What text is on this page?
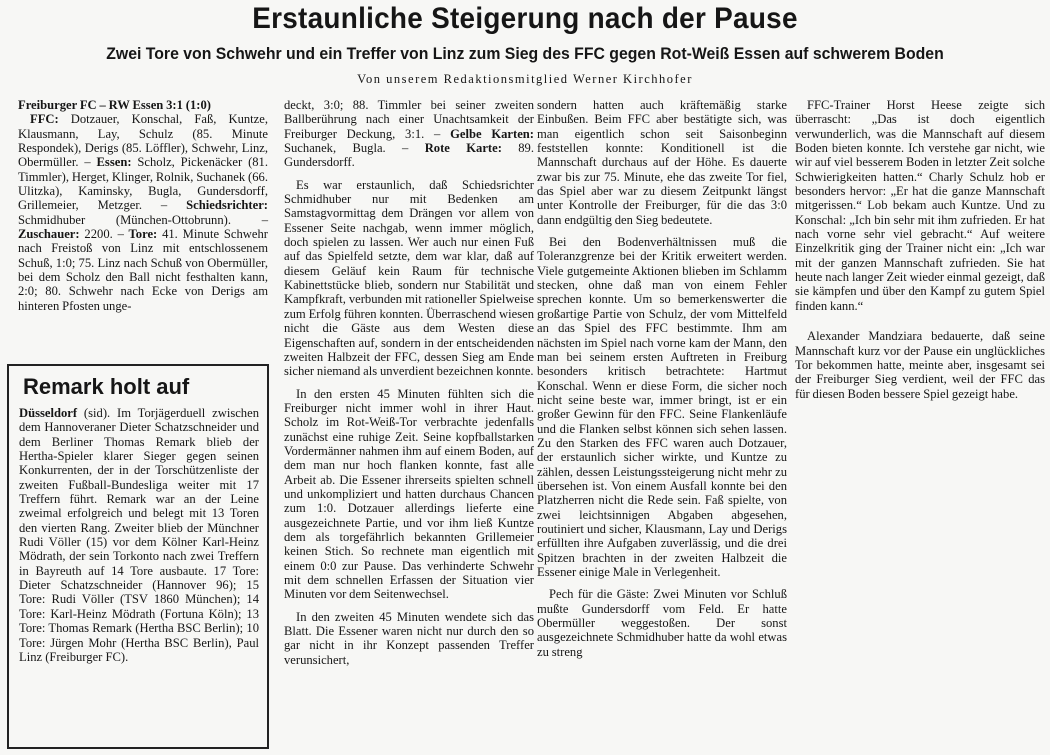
Erstaunliche Steigerung nach der Pause
Zwei Tore von Schwehr und ein Treffer von Linz zum Sieg des FFC gegen Rot-Weiß Essen auf schwerem Boden
Von unserem Redaktionsmitglied Werner Kirchhofer

Freiburger FC – RW Essen 3:1 (1:0)

FFC: Dotzauer, Konschal, Faß, Kuntze, Klausmann, Lay, Schulz (85. Minute Respondek), Derigs (85. Löffler), Schwehr, Linz, Obermüller. – Essen: Scholz, Pickenäcker (81. Timmler), Herget, Klinger, Rolnik, Suchanek (66. Ulitzka), Kaminsky, Bugla, Gundersdorff, Grillemeier, Metzger. – Schiedsrichter: Schmidhuber (München-Ottobrunn). – Zuschauer: 2200. – Tore: 41. Minute Schwehr nach Freistoß von Linz mit entschlossenem Schuß, 1:0; 75. Linz nach Schuß von Obermüller, bei dem Scholz den Ball nicht festhalten kann, 2:0; 80. Schwehr nach Ecke von Derigs am hinteren Pfosten unge-

Remark holt auf

Düsseldorf (sid). Im Torjägerduell zwischen dem Hannoveraner Dieter Schatzschneider und dem Berliner Thomas Remark blieb der Hertha-Spieler klarer Sieger gegen seinen Konkurrenten, der in der Torschützenliste der zweiten Fußball-Bundesliga weiter mit 17 Treffern führt. Remark war an der Leine zweimal erfolgreich und belegt mit 13 Toren den vierten Rang. Zweiter blieb der Münchner Rudi Völler (15) vor dem Kölner Karl-Heinz Mödrath, der sein Torkonto nach zwei Treffern in Bayreuth auf 14 Tore ausbaute. 17 Tore: Dieter Schatzschneider (Hannover 96); 15 Tore: Rudi Völler (TSV 1860 München); 14 Tore: Karl-Heinz Mödrath (Fortuna Köln); 13 Tore: Thomas Remark (Hertha BSC Berlin); 10 Tore: Jürgen Mohr (Hertha BSC Berlin), Paul Linz (Freiburger FC).

deckt, 3:0; 88. Timmler bei seiner zweiten Ballberührung nach einer Unachtsamkeit der Freiburger Deckung, 3:1. – Gelbe Karten: Suchanek, Bugla. – Rote Karte: 89. Gundersdorff.

Es war erstaunlich, daß Schiedsrichter Schmidhuber nur mit Bedenken am Samstagvormittag dem Drängen vor allem von Essener Seite nachgab, wenn immer möglich, doch spielen zu lassen. Wer auch nur einen Fuß auf das Spielfeld setzte, dem war klar, daß auf diesem Geläuf kein Raum für technische Kabinettstücke blieb, sondern nur Stabilität und Kampfkraft, verbunden mit rationeller Spielweise zum Erfolg führen konnten. Überraschend wiesen nicht die Gäste aus dem Westen diese Eigenschaften auf, sondern in der entscheidenden zweiten Halbzeit der FFC, dessen Sieg am Ende sicher niemand als unverdient bezeichnen konnte.

In den ersten 45 Minuten fühlten sich die Freiburger nicht immer wohl in ihrer Haut. Scholz im Rot-Weiß-Tor verbrachte jedenfalls zunächst eine ruhige Zeit. Seine kopfballstarken Vordermänner nahmen ihm auf einem Boden, auf dem man nur hoch flanken konnte, fast alle Arbeit ab. Die Essener ihrerseits spielten schnell und unkompliziert und hatten durchaus Chancen zum 1:0. Dotzauer allerdings lieferte eine ausgezeichnete Partie, und vor ihm ließ Kuntze dem als torgefährlich bekannten Grillemeier keinen Stich. So rechnete man eigentlich mit einem 0:0 zur Pause. Das verhinderte Schwehr mit dem schnellen Erfassen der Situation vier Minuten vor dem Seitenwechsel.

In den zweiten 45 Minuten wendete sich das Blatt. Die Essener waren nicht nur durch den so gar nicht in ihr Konzept passenden Treffer verunsichert,

sondern hatten auch kräftemäßig starke Einbußen. Beim FFC aber bestätigte sich, was man eigentlich schon seit Saisonbeginn feststellen konnte: Konditionell ist die Mannschaft durchaus auf der Höhe. Es dauerte zwar bis zur 75. Minute, ehe das zweite Tor fiel, das Spiel aber war zu diesem Zeitpunkt längst unter Kontrolle der Freiburger, für die das 3:0 dann endgültig den Sieg bedeutete.

Bei den Bodenverhältnissen muß die Toleranzgrenze bei der Kritik erweitert werden. Viele gutgemeinte Aktionen blieben im Schlamm stecken, ohne daß man von einem Fehler sprechen konnte. Um so bemerkenswerter die großartige Partie von Schulz, der vom Mittelfeld an das Spiel des FFC bestimmte. Ihm am nächsten im Spiel nach vorne kam der Mann, den man bei seinem ersten Auftreten in Freiburg besonders kritisch betrachtete: Hartmut Konschal. Wenn er diese Form, die sicher noch nicht seine beste war, immer bringt, ist er ein großer Gewinn für den FFC. Seine Flankenläufe und die Flanken selbst können sich sehen lassen. Zu den Starken des FFC waren auch Dotzauer, der erstaunlich sicher wirkte, und Kuntze zu zählen, dessen Leistungssteigerung nicht mehr zu übersehen ist. Von einem Ausfall konnte bei den Platzherren nicht die Rede sein. Faß spielte, von zwei leichtsinnigen Abgaben abgesehen, routiniert und sicher, Klausmann, Lay und Derigs erfüllten ihre Aufgaben zuverlässig, und die drei Spitzen brachten in der zweiten Halbzeit die Essener einige Male in Verlegenheit.

Pech für die Gäste: Zwei Minuten vor Schluß mußte Gundersdorff vom Feld. Er hatte Obermüller weggestoßen. Der sonst ausgezeichnete Schmidhuber hatte da wohl etwas zu streng

FFC-Trainer Horst Heese zeigte sich überrascht: „Das ist doch eigentlich verwunderlich, was die Mannschaft auf diesem Boden bieten konnte. Ich verstehe gar nicht, wie wir auf viel besserem Boden in letzter Zeit solche Schwierigkeiten hatten.“ Charly Schulz hob er besonders hervor: „Er hat die ganze Mannschaft mitgerissen.“ Lob bekam auch Kuntze. Und zu Konschal: „Ich bin sehr mit ihm zufrieden. Er hat nach vorne sehr viel gebracht.“ Auf weitere Einzelkritik ging der Trainer nicht ein: „Ich war mit der ganzen Mannschaft zufrieden. Sie hat heute nach langer Zeit wieder einmal gezeigt, daß sie kämpfen und über den Kampf zu gutem Spiel finden kann.“

Alexander Mandziara bedauerte, daß seine Mannschaft kurz vor der Pause ein unglückliches Tor bekommen hatte, meinte aber, insgesamt sei der Freiburger Sieg verdient, weil der FFC das für diesen Boden bessere Spiel gezeigt habe.
